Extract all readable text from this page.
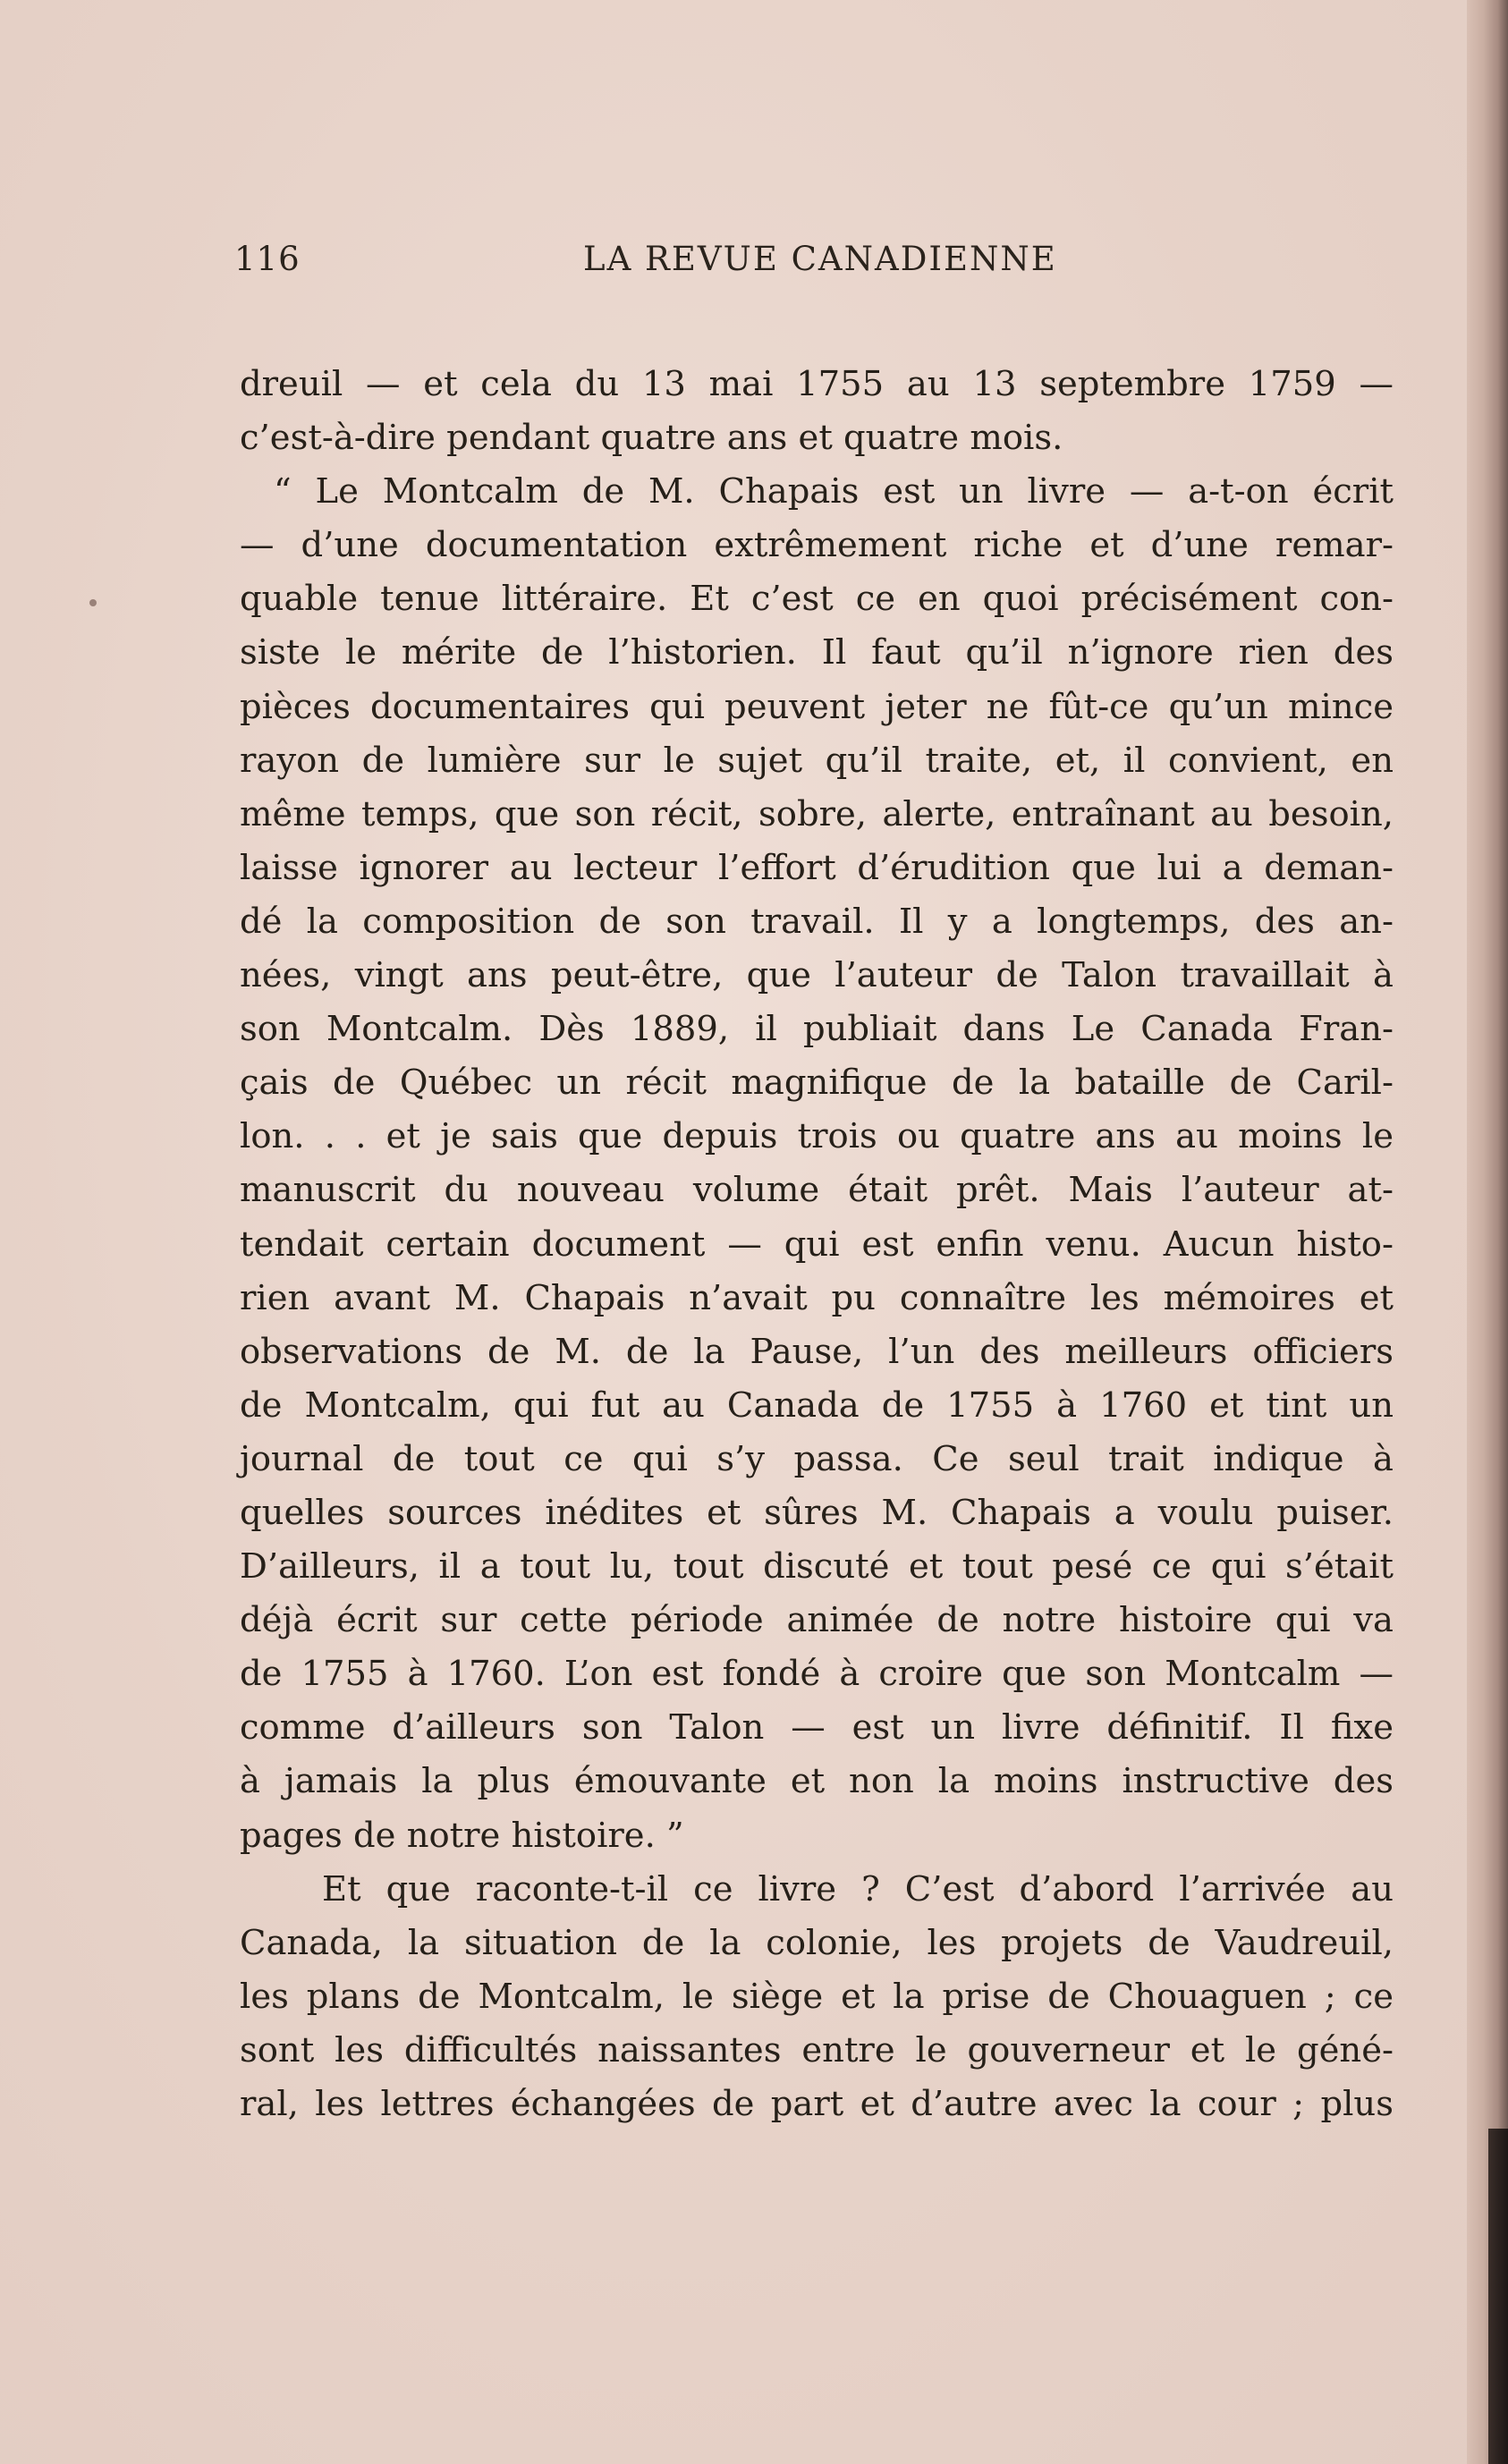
116	LA REVUE CANADIENNE
dreuil — et cela du 13 mai 1755 au 13 septembre 1759 —
c’est-à-dire pendant quatre ans et quatre mois.
“ Le Montcalm de M. Chapais est un livre — a-t-on écrit
— d’une documentation extrêmement riche et d’une remar-
quable tenue littéraire. Et c’est ce en quoi précisément con-
siste le mérite de l’historien. Il faut qu’il n’ignore rien des
pièces documentaires qui peuvent jeter ne fût-ce qu’un mince
rayon de lumière sur le sujet qu’il traite, et, il convient, en
même temps, que son récit, sobre, alerte, entraînant au besoin,
laisse ignorer au lecteur l’effort d’érudition que lui a deman-
dé la composition de son travail. Il y a longtemps, des an-
nées, vingt ans peut-être, que l’auteur de Talon travaillait à
son Montcalm. Dès 1889, il publiait dans Le Canada Fran-
çais de Québec un récit magnifique de la bataille de Caril-
lon. . . et je sais que depuis trois ou quatre ans au moins le
manuscrit du nouveau volume était prêt. Mais l’auteur at-
tendait certain document — qui est enfin venu. Aucun histo-
rien avant M. Chapais n’avait pu connaître les mémoires et
observations de M. de la Pause, l’un des meilleurs officiers
de Montcalm, qui fut au Canada de 1755 à 1760 et tint un
journal de tout ce qui s’y passa. Ce seul trait indique à
quelles sources inédites et sûres M. Chapais a voulu puiser.
D’ailleurs, il a tout lu, tout discuté et tout pesé ce qui s’était
déjà écrit sur cette période animée de notre histoire qui va
de 1755 à 1760. L’on est fondé à croire que son Montcalm —
comme d’ailleurs son Talon — est un livre définitif. Il fixe
à jamais la plus émouvante et non la moins instructive des
pages de notre histoire. ”
Et que raconte-t-il ce livre ? C’est d’abord l’arrivée au
Canada, la situation de la colonie, les projets de Vaudreuil,
les plans de Montcalm, le siège et la prise de Chouaguen ; ce
sont les difficultés naissantes entre le gouverneur et le géné-
ral, les lettres échangées de part et d’autre avec la cour ; plus
